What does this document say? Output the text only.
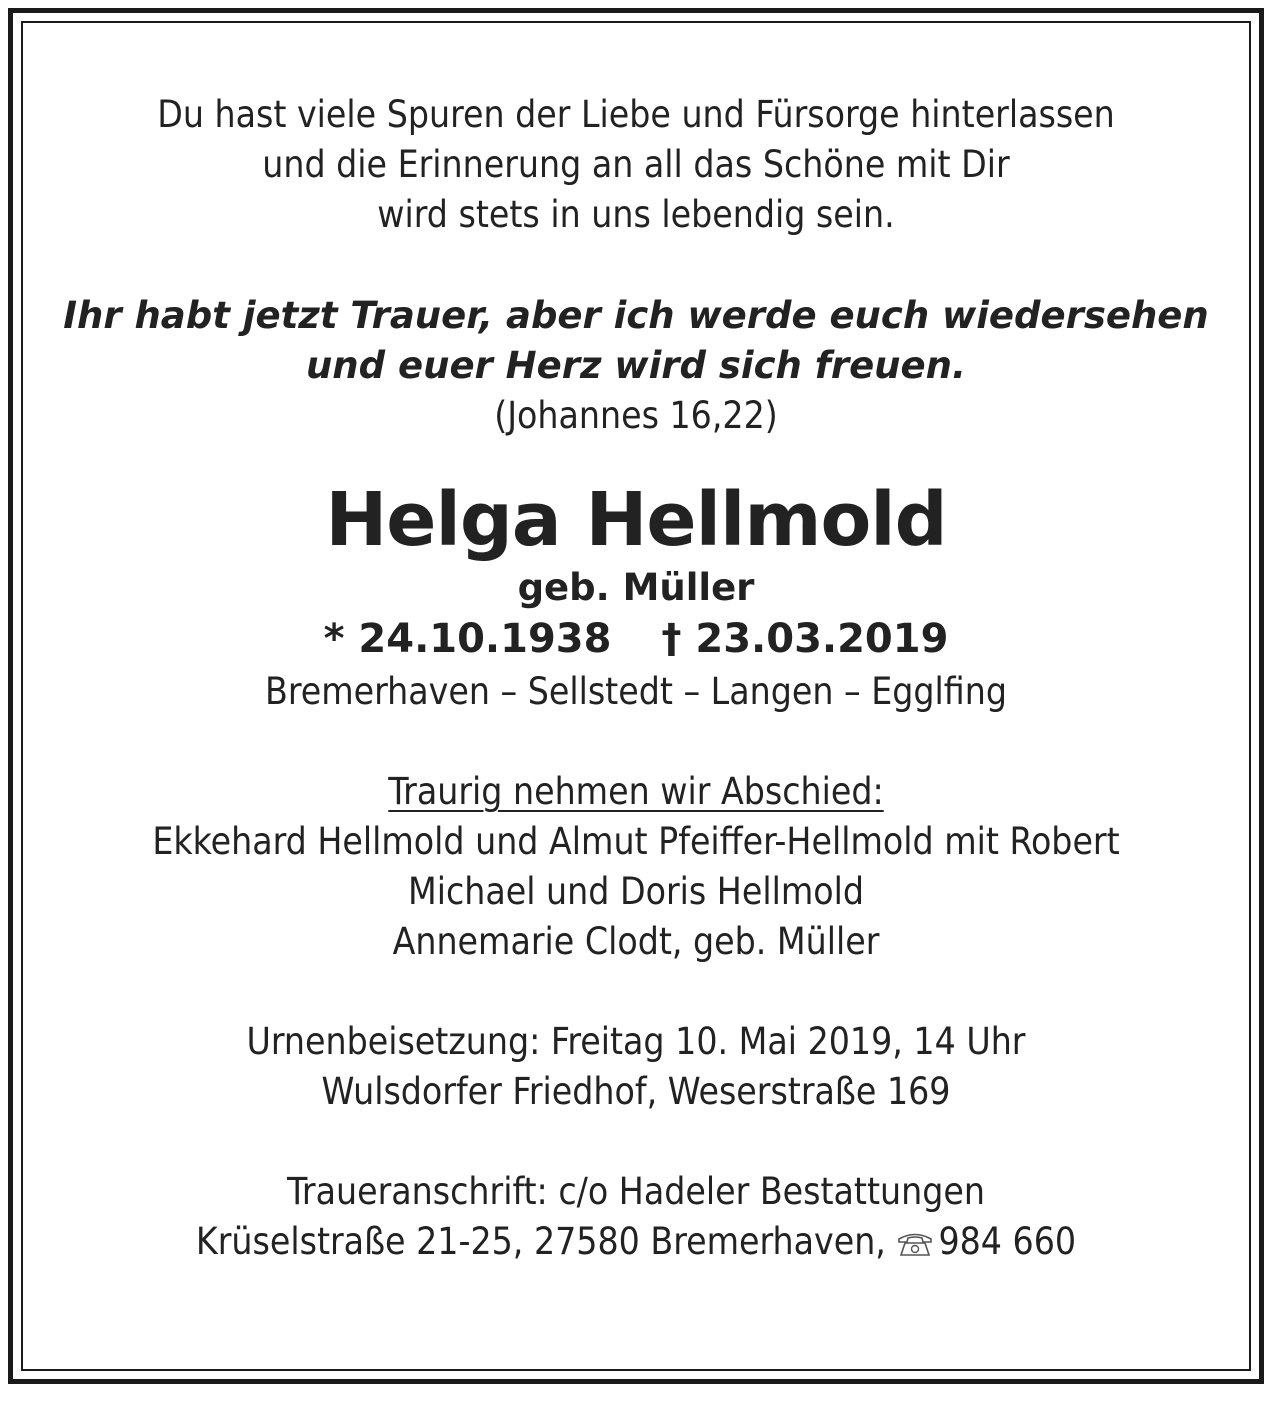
Du hast viele Spuren der Liebe und Fürsorge hinterlassen
und die Erinnerung an all das Schöne mit Dir
wird stets in uns lebendig sein.
Ihr habt jetzt Trauer, aber ich werde euch wiedersehen
und euer Herz wird sich freuen.
(Johannes 16,22)
Helga Hellmold
geb. Müller
* 24.10.1938 † 23.03.2019
Bremerhaven – Sellstedt – Langen – Egglfing
Traurig nehmen wir Abschied:
Ekkehard Hellmold und Almut Pfeiffer-Hellmold mit Robert
Michael und Doris Hellmold
Annemarie Clodt, geb. Müller
Urnenbeisetzung: Freitag 10. Mai 2019, 14 Uhr
Wulsdorfer Friedhof, Weserstraße 169
Traueranschrift: c/o Hadeler Bestattungen
Krüselstraße 21-25, 27580 Bremerhaven, 984 660
